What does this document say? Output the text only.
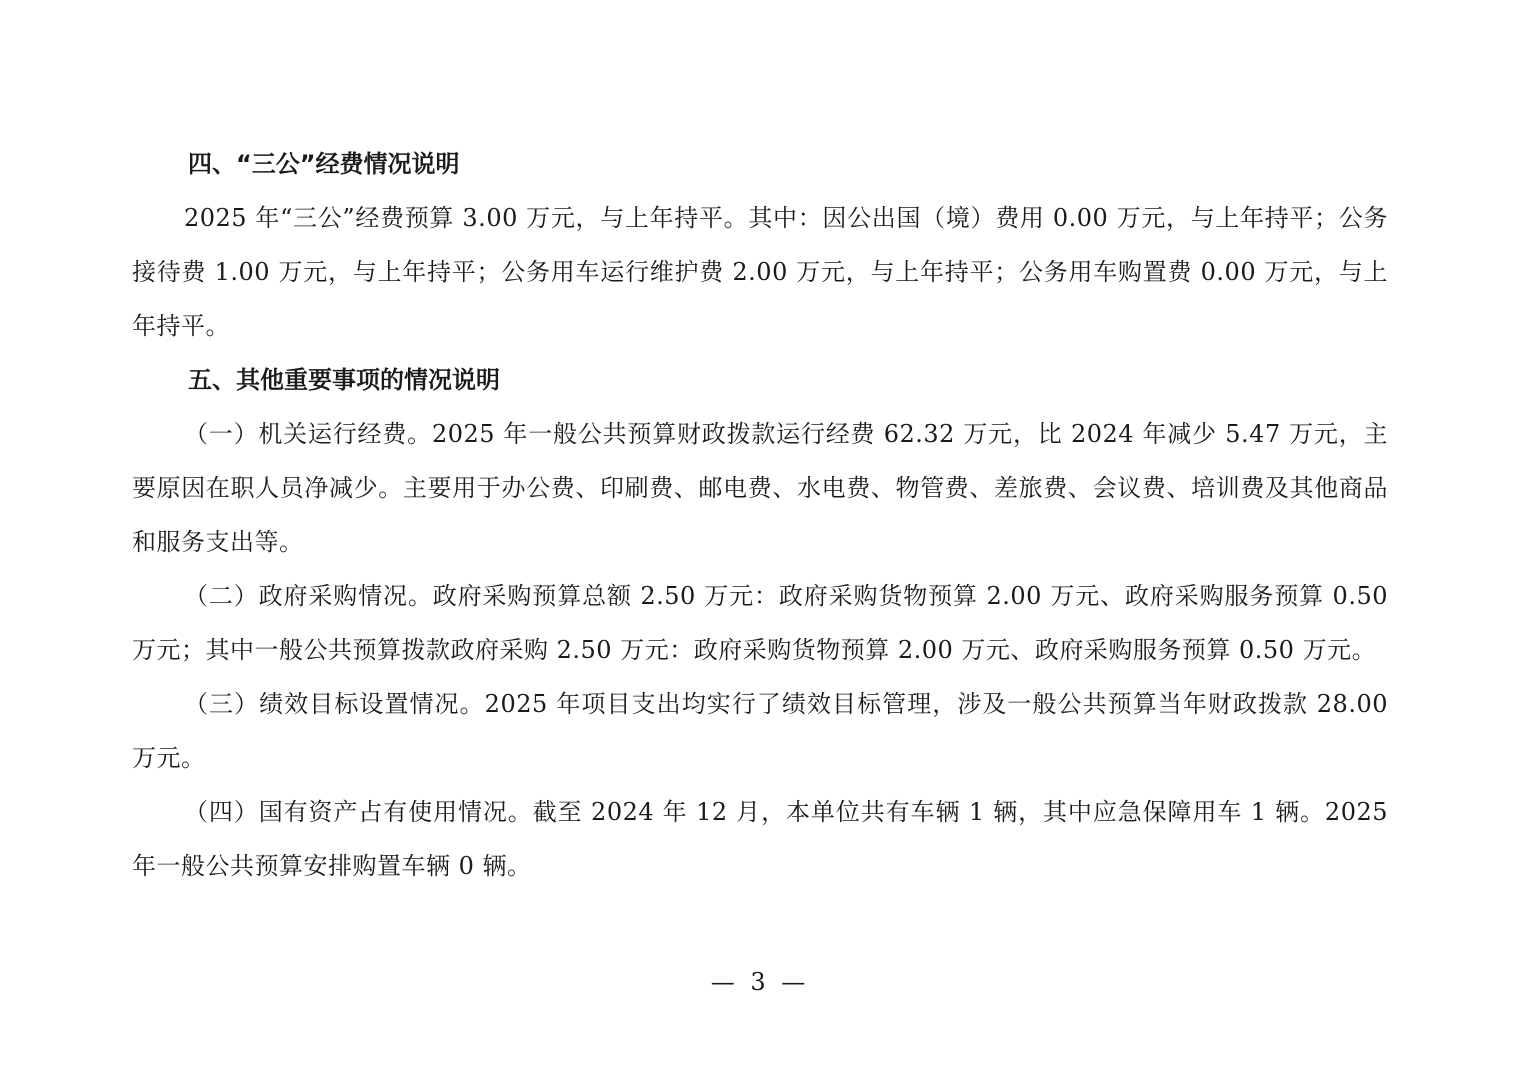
四、“三公”经费情况说明

2025 年“三公”经费预算 3.00 万元，与上年持平。其中：因公出国（境）费用 0.00 万元，与上年持平；公务接待费 1.00 万元，与上年持平；公务用车运行维护费 2.00 万元，与上年持平；公务用车购置费 0.00 万元，与上年持平。

五、其他重要事项的情况说明

（一）机关运行经费。2025 年一般公共预算财政拨款运行经费 62.32 万元，比 2024 年减少 5.47 万元，主要原因在职人员净减少。主要用于办公费、印刷费、邮电费、水电费、物管费、差旅费、会议费、培训费及其他商品和服务支出等。

（二）政府采购情况。政府采购预算总额 2.50 万元：政府采购货物预算 2.00 万元、政府采购服务预算 0.50 万元；其中一般公共预算拨款政府采购 2.50 万元：政府采购货物预算 2.00 万元、政府采购服务预算 0.50 万元。

（三）绩效目标设置情况。2025 年项目支出均实行了绩效目标管理，涉及一般公共预算当年财政拨款 28.00 万元。

（四）国有资产占有使用情况。截至 2024 年 12 月，本单位共有车辆 1 辆，其中应急保障用车 1 辆。2025 年一般公共预算安排购置车辆 0 辆。

— 3 —
